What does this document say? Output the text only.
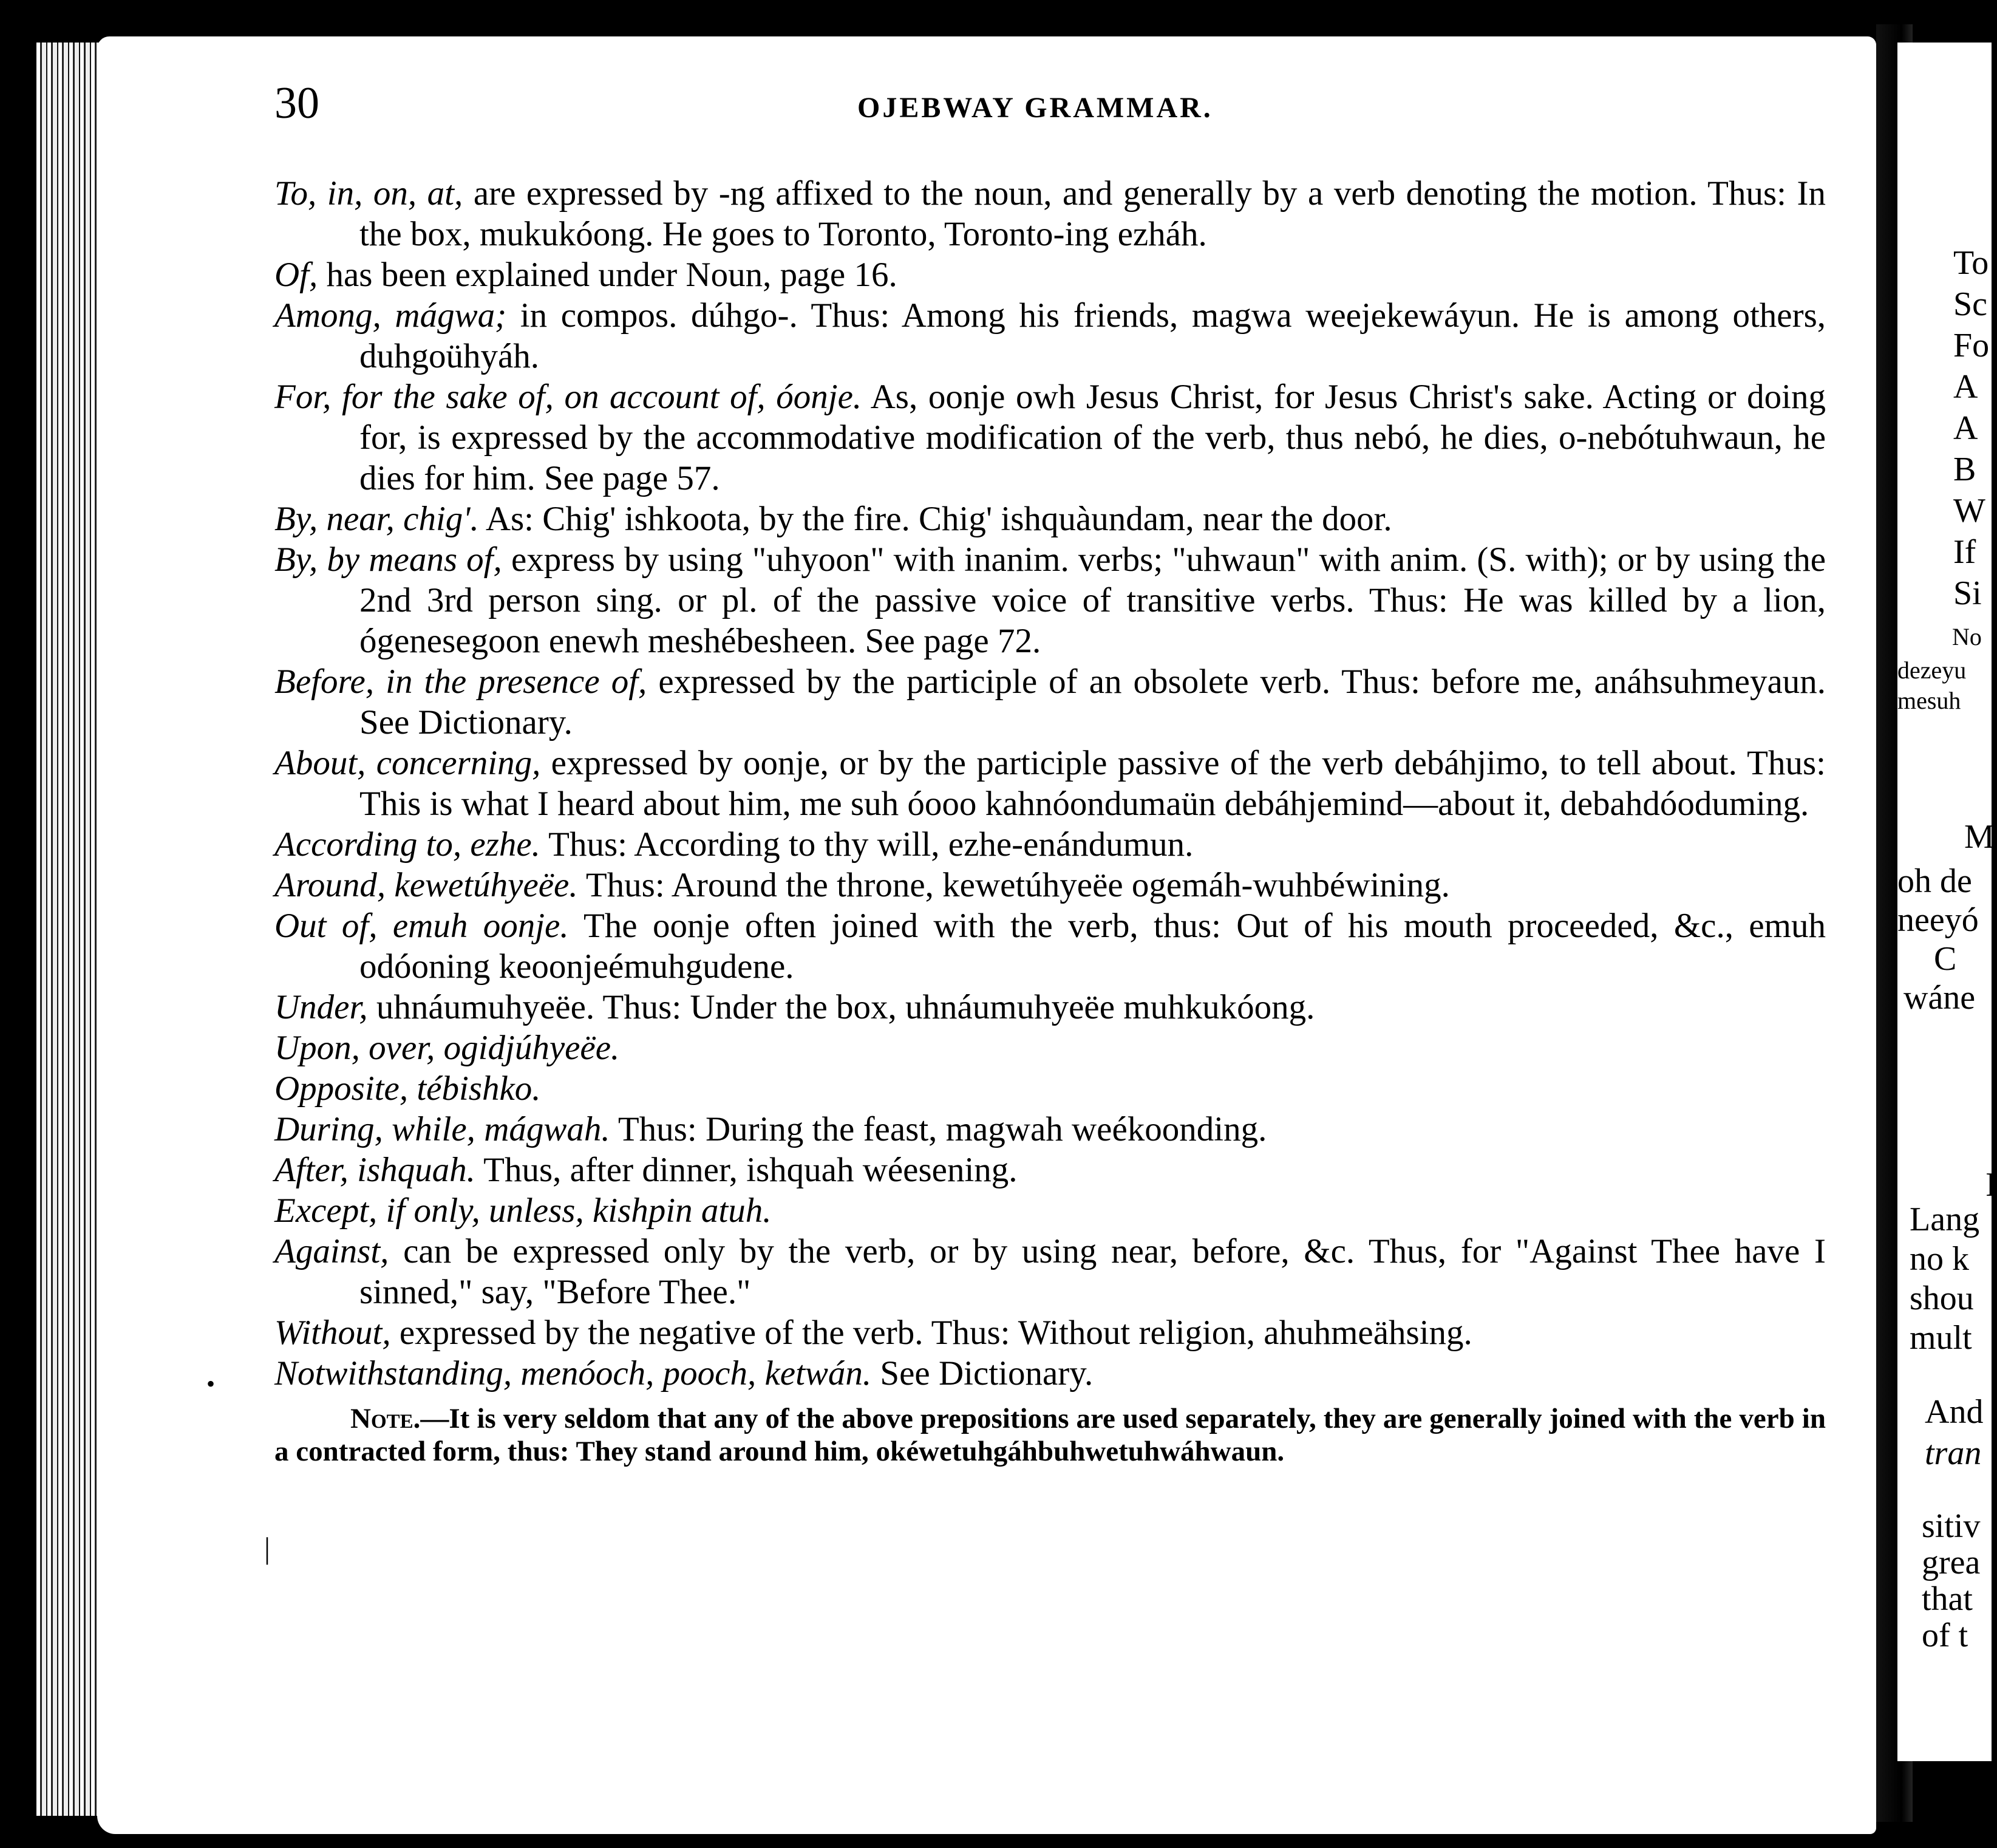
30	OJEBWAY GRAMMAR.

To, in, on, at, are expressed by -ng affixed to the noun, and generally by a verb denoting the motion. Thus: In the box, mukukóong. He goes to Toronto, Toronto-ing ezháh.

Of, has been explained under Noun, page 16.

Among, mágwa; in compos. dúhgo-. Thus: Among his friends, magwa weejekewáyun. He is among others, duhgoühyáh.

For, for the sake of, on account of, óonje. As, oonje owh Jesus Christ, for Jesus Christ's sake. Acting or doing for, is expressed by the accommodative modification of the verb, thus nebó, he dies, o-nebótuhwaun, he dies for him. See page 57.

By, near, chig'. As: Chig' ishkoota, by the fire. Chig' ishquàundam, near the door.

By, by means of, express by using "uhyoon" with inanim. verbs; "uhwaun" with anim. (S. with); or by using the 2nd 3rd person sing. or pl. of the passive voice of transitive verbs. Thus: He was killed by a lion, ógenesegoon enewh meshébesheen. See page 72.

Before, in the presence of, expressed by the participle of an obsolete verb. Thus: before me, anáhsuhmeyaun. See Dictionary.

About, concerning, expressed by oonje, or by the participle passive of the verb debáhjimo, to tell about. Thus: This is what I heard about him, me suh óooo kahnóondumaün debáhjemind—about it, debahdóoduming.

According to, ezhe. Thus: According to thy will, ezhe-enándumun.

Around, kewetúhyeëe. Thus: Around the throne, kewetúhyeëe ogemáh-wuhbéwining.

Out of, emuh oonje. The oonje often joined with the verb, thus: Out of his mouth proceeded, &c., emuh odóoning keoonjeémuhgudene.

Under, uhnáumuhyeëe. Thus: Under the box, uhnáumuhyeëe muhkukóong.

Upon, over, ogidjúhyeëe.

Opposite, tébishko.

During, while, mágwah. Thus: During the feast, magwah weékoonding.

After, ishquah. Thus, after dinner, ishquah wéesening.

Except, if only, unless, kishpin atuh.

Against, can be expressed only by the verb, or by using near, before, &c. Thus, for "Against Thee have I sinned," say, "Before Thee."

Without, expressed by the negative of the verb. Thus: Without religion, ahuhmeähsing.

Notwithstanding, menóoch, pooch, ketwán. See Dictionary.

Note.—It is very seldom that any of the above prepositions are used separately, they are generally joined with the verb in a contracted form, thus: They stand around him, okéwetuhgáhbuhwetuhwáhwaun.

To
Sc
Fo
A
A
B
W
If
Si
No
dezeyu
mesuh
M
oh de
neeyó
C
wáne
I
Lang
no k
shou
mult
And
tran
sitiv
grea
that
of t
•
|
